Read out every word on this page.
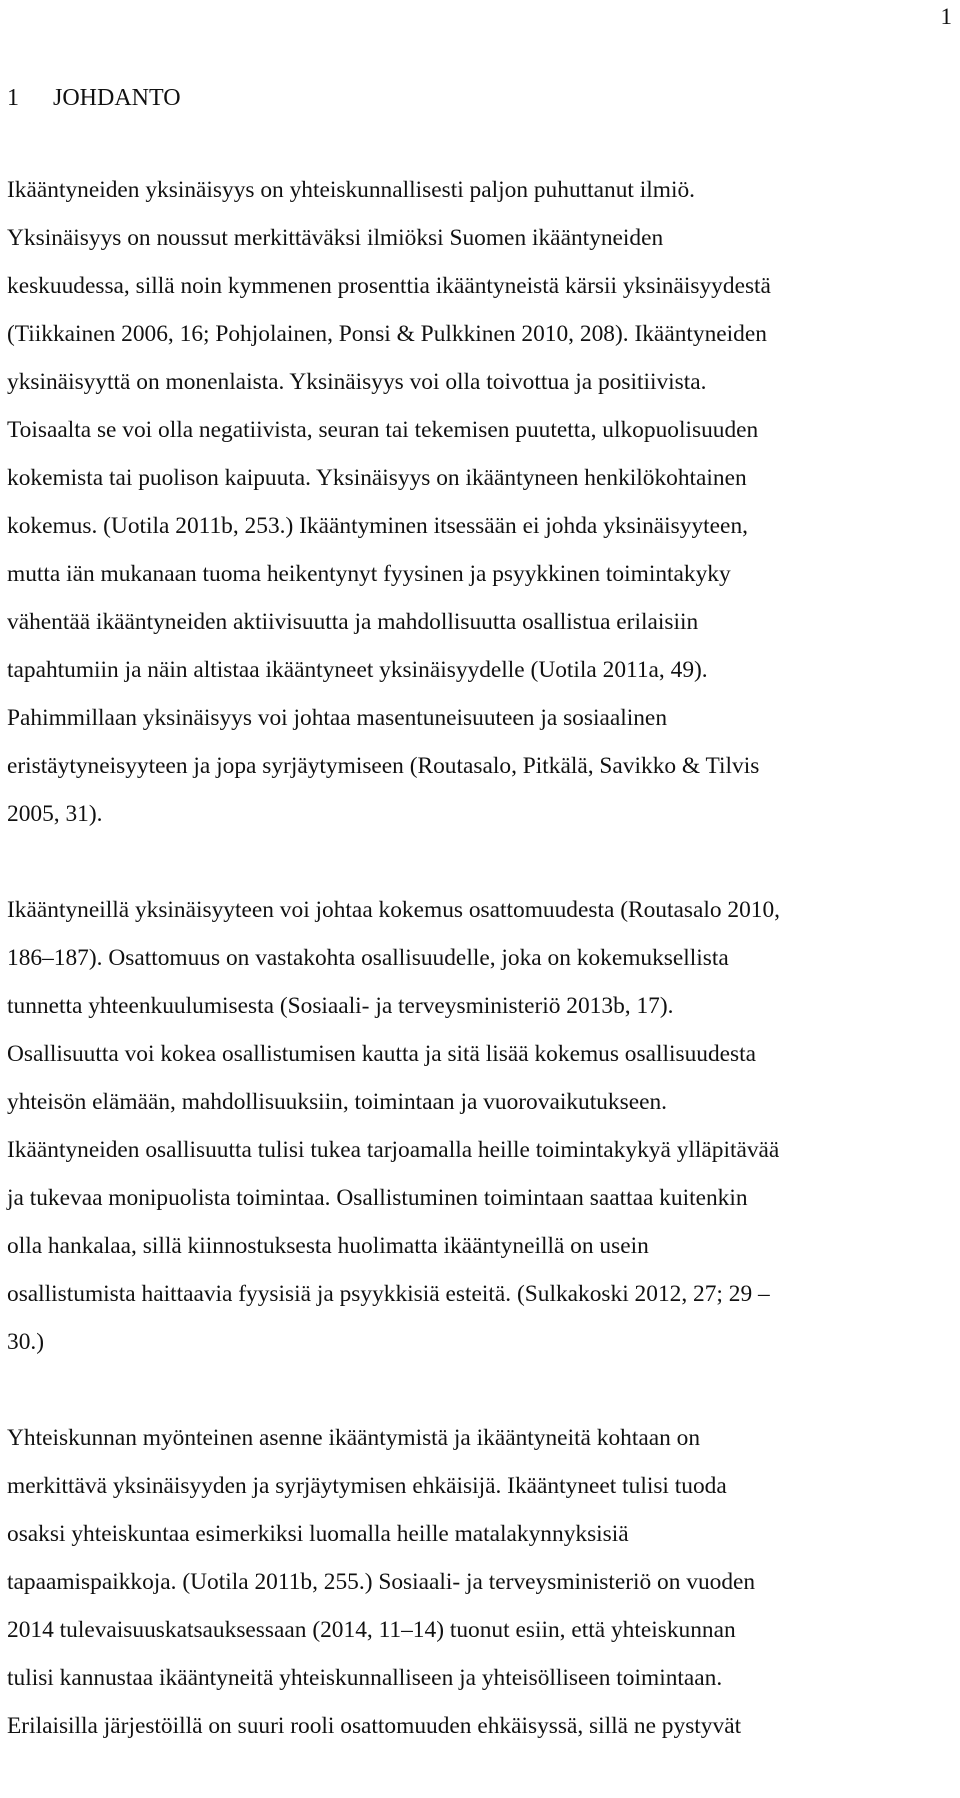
1

1 JOHDANTO
Ikääntyneiden yksinäisyys on yhteiskunnallisesti paljon puhuttanut ilmiö.
Yksinäisyys on noussut merkittäväksi ilmiöksi Suomen ikääntyneiden
keskuudessa, sillä noin kymmenen prosenttia ikääntyneistä kärsii yksinäisyydestä
(Tiikkainen 2006, 16; Pohjolainen, Ponsi & Pulkkinen 2010, 208). Ikääntyneiden
yksinäisyyttä on monenlaista. Yksinäisyys voi olla toivottua ja positiivista.
Toisaalta se voi olla negatiivista, seuran tai tekemisen puutetta, ulkopuolisuuden
kokemista tai puolison kaipuuta. Yksinäisyys on ikääntyneen henkilökohtainen
kokemus. (Uotila 2011b, 253.) Ikääntyminen itsessään ei johda yksinäisyyteen,
mutta iän mukanaan tuoma heikentynyt fyysinen ja psyykkinen toimintakyky
vähentää ikääntyneiden aktiivisuutta ja mahdollisuutta osallistua erilaisiin
tapahtumiin ja näin altistaa ikääntyneet yksinäisyydelle (Uotila 2011a, 49).
Pahimmillaan yksinäisyys voi johtaa masentuneisuuteen ja sosiaalinen
eristäytyneisyyteen ja jopa syrjäytymiseen (Routasalo, Pitkälä, Savikko & Tilvis
2005, 31).
Ikääntyneillä yksinäisyyteen voi johtaa kokemus osattomuudesta (Routasalo 2010,
186–187). Osattomuus on vastakohta osallisuudelle, joka on kokemuksellista
tunnetta yhteenkuulumisesta (Sosiaali- ja terveysministeriö 2013b, 17).
Osallisuutta voi kokea osallistumisen kautta ja sitä lisää kokemus osallisuudesta
yhteisön elämään, mahdollisuuksiin, toimintaan ja vuorovaikutukseen.
Ikääntyneiden osallisuutta tulisi tukea tarjoamalla heille toimintakykyä ylläpitävää
ja tukevaa monipuolista toimintaa. Osallistuminen toimintaan saattaa kuitenkin
olla hankalaa, sillä kiinnostuksesta huolimatta ikääntyneillä on usein
osallistumista haittaavia fyysisiä ja psyykkisiä esteitä. (Sulkakoski 2012, 27; 29 –
30.)
Yhteiskunnan myönteinen asenne ikääntymistä ja ikääntyneitä kohtaan on
merkittävä yksinäisyyden ja syrjäytymisen ehkäisijä. Ikääntyneet tulisi tuoda
osaksi yhteiskuntaa esimerkiksi luomalla heille matalakynnyksisiä
tapaamispaikkoja. (Uotila 2011b, 255.) Sosiaali- ja terveysministeriö on vuoden
2014 tulevaisuuskatsauksessaan (2014, 11–14) tuonut esiin, että yhteiskunnan
tulisi kannustaa ikääntyneitä yhteiskunnalliseen ja yhteisölliseen toimintaan.
Erilaisilla järjestöillä on suuri rooli osattomuuden ehkäisyssä, sillä ne pystyvät
